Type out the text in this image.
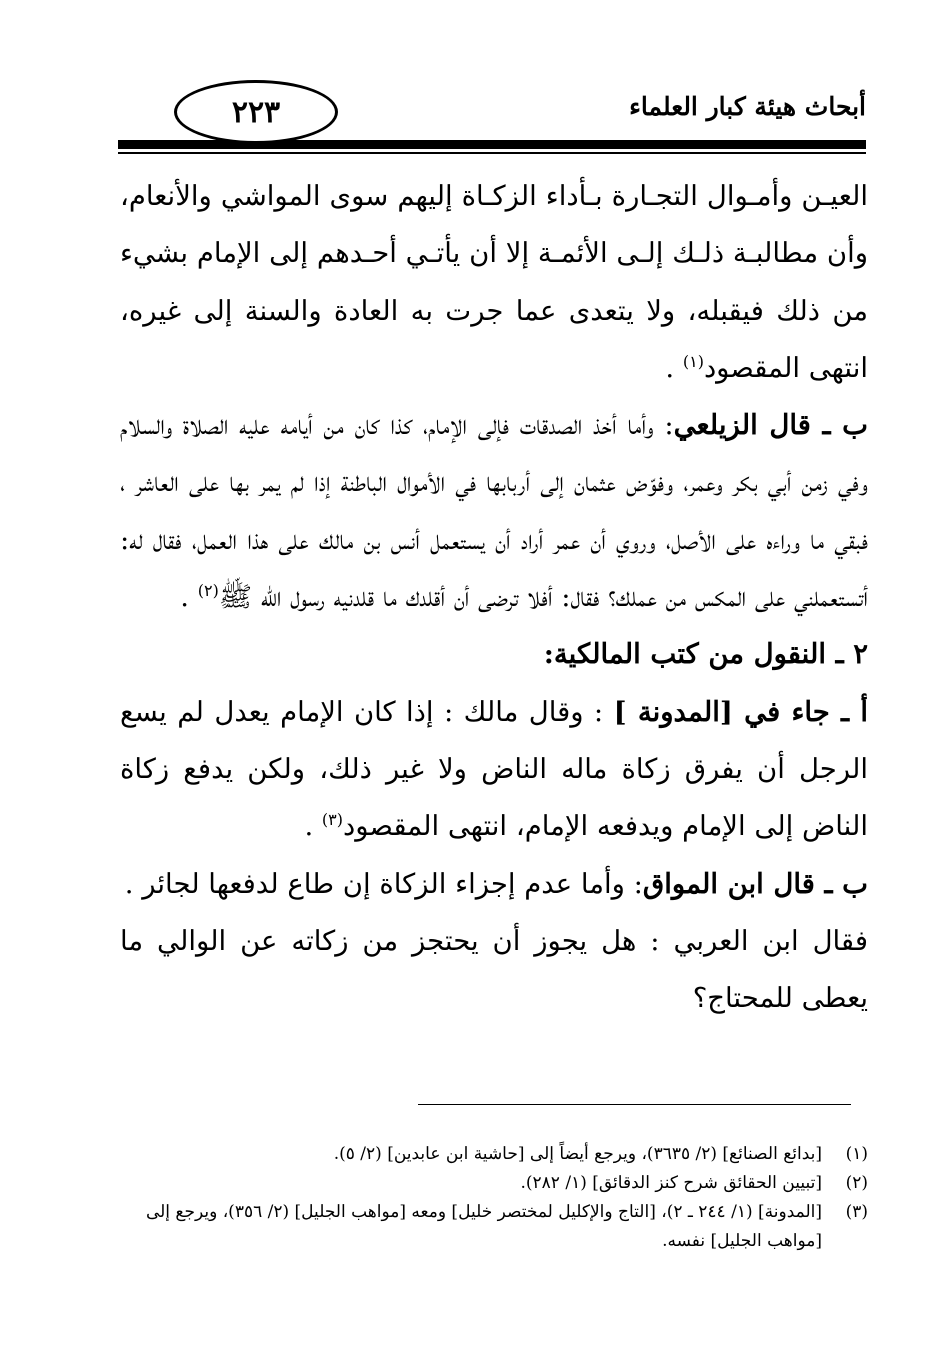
٢٢٣	أبحاث هيئة كبار العلماء

العيـن وأمـوال التجـارة بـأداء الزكـاة إليهم سوى المواشي والأنعام، وأن مطالبـة ذلـك إلـى الأئمـة إلا أن يأتـي أحـدهم إلى الإمام بشيء من ذلك فيقبله، ولا يتعدى عما جرت به العادة والسنة إلى غيره، انتهى المقصود$^{(١)}$ .

ب ـ قال الزيلعي: وأما أخذ الصدقات فإلى الإمام، كذا كان من أيامه عليه الصلاة والسلام وفي زمن أبي بكر وعمر، وفوّض عثمان إلى أربابها في الأموال الباطنة إذا لم يمر بها على العاشر ، فبقي ما وراءه على الأصل، وروي أن عمر أراد أن يستعمل أنس بن مالك على هذا العمل، فقال له: أتستعملني على المكس من عملك؟ فقال: أفلا ترضى أن أقلدك ما قلدنيه رسول الله ﷺ$^{(٢)}$ .

٢ ـ النقول من كتب المالكية:

أ ـ جاء في [المدونة ] : وقال مالك : إذا كان الإمام يعدل لم يسع الرجل أن يفرق زكاة ماله الناض ولا غير ذلك، ولكن يدفع زكاة الناض إلى الإمام ويدفعه الإمام، انتهى المقصود$^{(٣)}$ .

ب ـ قال ابن المواق: وأما عدم إجزاء الزكاة إن طاع لدفعها لجائر .

فقال ابن العربي : هل يجوز أن يحتجز من زكاته عن الوالي ما يعطى للمحتاج؟

(١)
[بدائع الصنائع] (٢/ ٣٦٣٥)، ويرجع أيضاً إلى [حاشية ابن عابدين] (٢/ ٥).
(٢)
[تبيين الحقائق شرح كنز الدقائق] (١/ ٢٨٢).
(٣)
[المدونة] (١/ ٢٤٤ ـ ٢)، [التاج والإكليل لمختصر خليل] ومعه [مواهب الجليل] (٢/ ٣٥٦)، ويرجع إلى [مواهب الجليل] نفسه.
